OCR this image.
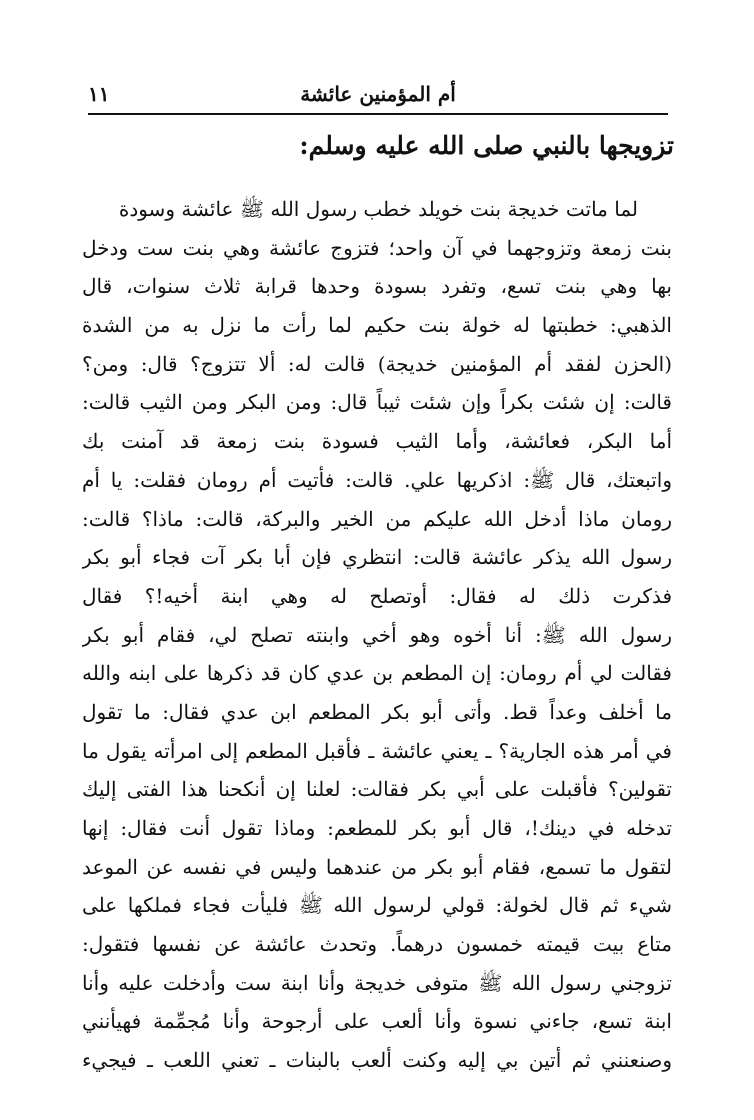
أم المؤمنين عائشة
١١
تزويجها بالنبي صلى الله عليه وسلم:
لما ماتت خديجة بنت خويلد خطب رسول الله ﷺ عائشة وسودة
بنت زمعة وتزوجهما في آن واحد؛ فتزوج عائشة وهي بنت ست ودخل
بها وهي بنت تسع، وتفرد بسودة وحدها قرابة ثلاث سنوات، قال
الذهبي: خطبتها له خولة بنت حكيم لما رأت ما نزل به من الشدة
(الحزن لفقد أم المؤمنين خديجة) قالت له: ألا تتزوج؟ قال: ومن؟
قالت: إن شئت بكراً وإن شئت ثيباً قال: ومن البكر ومن الثيب قالت:
أما البكر، فعائشة، وأما الثيب فسودة بنت زمعة قد آمنت بك
واتبعتك، قال ﷺ: اذكريها علي. قالت: فأتيت أم رومان فقلت: يا أم
رومان ماذا أدخل الله عليكم من الخير والبركة، قالت: ماذا؟ قالت:
رسول الله يذكر عائشة قالت: انتظري فإن أبا بكر آت فجاء أبو بكر
فذكرت ذلك له فقال: أوتصلح له وهي ابنة أخيه!؟ فقال
رسول الله ﷺ: أنا أخوه وهو أخي وابنته تصلح لي، فقام أبو بكر
فقالت لي أم رومان: إن المطعم بن عدي كان قد ذكرها على ابنه والله
ما أخلف وعداً قط. وأتى أبو بكر المطعم ابن عدي فقال: ما تقول
في أمر هذه الجارية؟ ـ يعني عائشة ـ فأقبل المطعم إلى امرأته يقول ما
تقولين؟ فأقبلت على أبي بكر فقالت: لعلنا إن أنكحنا هذا الفتى إليك
تدخله في دينك!، قال أبو بكر للمطعم: وماذا تقول أنت فقال: إنها
لتقول ما تسمع، فقام أبو بكر من عندهما وليس في نفسه عن الموعد
شيء ثم قال لخولة: قولي لرسول الله ﷺ فليأت فجاء فملكها على
متاع بيت قيمته خمسون درهماً. وتحدث عائشة عن نفسها فتقول:
تزوجني رسول الله ﷺ متوفى خديجة وأنا ابنة ست وأدخلت عليه وأنا
ابنة تسع، جاءني نسوة وأنا ألعب على أرجوحة وأنا مُجمِّمة فهيأنني
وصنعنني ثم أتين بي إليه وكنت ألعب بالبنات ـ تعني اللعب ـ فيجيء
